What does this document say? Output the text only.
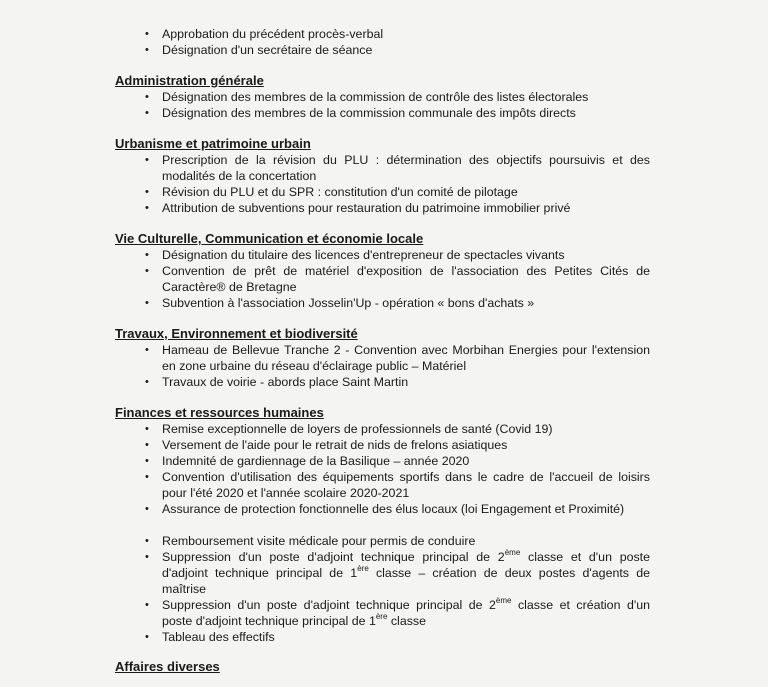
• Approbation du précédent procès-verbal
• Désignation d'un secrétaire de séance
Administration générale
• Désignation des membres de la commission de contrôle des listes électorales
• Désignation des membres de la commission communale des impôts directs
Urbanisme et patrimoine urbain
• Prescription de la révision du PLU : détermination des objectifs poursuivis et des modalités de la concertation
• Révision du PLU et du SPR : constitution d'un comité de pilotage
• Attribution de subventions pour restauration du patrimoine immobilier privé
Vie Culturelle, Communication et économie locale
• Désignation du titulaire des licences d'entrepreneur de spectacles vivants
• Convention de prêt de matériel d'exposition de l'association des Petites Cités de Caractère® de Bretagne
• Subvention à l'association Josselin'Up - opération « bons d'achats »
Travaux, Environnement et biodiversité
• Hameau de Bellevue Tranche 2 - Convention avec Morbihan Energies pour l'extension en zone urbaine du réseau d'éclairage public – Matériel
• Travaux de voirie - abords place Saint Martin
Finances et ressources humaines
• Remise exceptionnelle de loyers de professionnels de santé (Covid 19)
• Versement de l'aide pour le retrait de nids de frelons asiatiques
• Indemnité de gardiennage de la Basilique – année 2020
• Convention d'utilisation des équipements sportifs dans le cadre de l'accueil de loisirs pour l'été 2020 et l'année scolaire 2020-2021
• Assurance de protection fonctionnelle des élus locaux (loi Engagement et Proximité)
• Remboursement visite médicale pour permis de conduire
• Suppression d'un poste d'adjoint technique principal de 2ème classe et d'un poste d'adjoint technique principal de 1ère classe – création de deux postes d'agents de maîtrise
• Suppression d'un poste d'adjoint technique principal de 2ème classe et création d'un poste d'adjoint technique principal de 1ère classe
• Tableau des effectifs
Affaires diverses
